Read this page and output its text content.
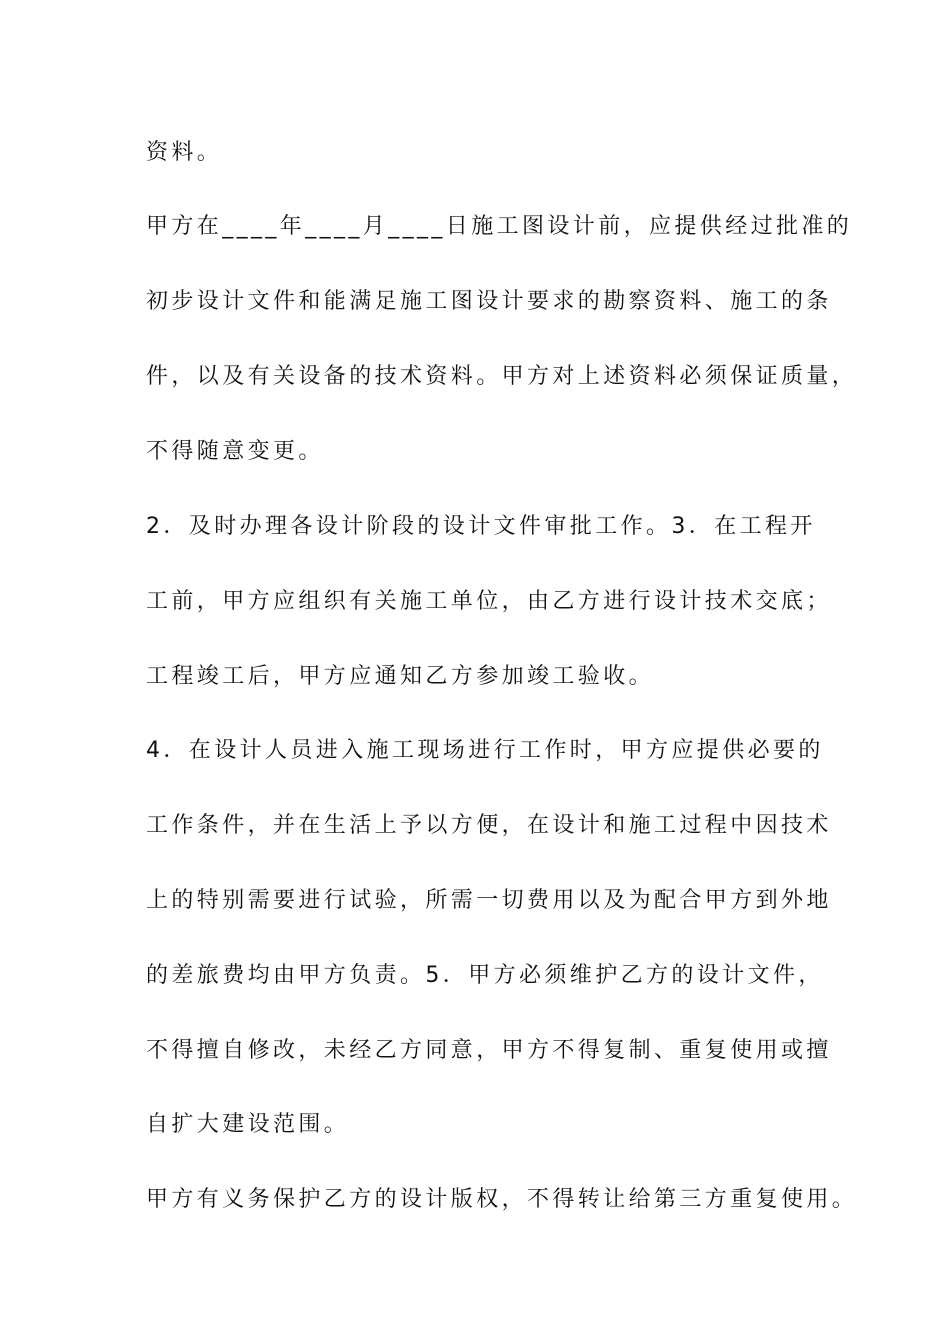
资料。
甲方在____年____月____日施工图设计前，应提供经过批准的
初步设计文件和能满足施工图设计要求的勘察资料、施工的条
件，以及有关设备的技术资料。甲方对上述资料必须保证质量，
不得随意变更。
2．及时办理各设计阶段的设计文件审批工作。3．在工程开
工前，甲方应组织有关施工单位，由乙方进行设计技术交底；
工程竣工后，甲方应通知乙方参加竣工验收。
4．在设计人员进入施工现场进行工作时，甲方应提供必要的
工作条件，并在生活上予以方便，在设计和施工过程中因技术
上的特别需要进行试验，所需一切费用以及为配合甲方到外地
的差旅费均由甲方负责。5．甲方必须维护乙方的设计文件，
不得擅自修改，未经乙方同意，甲方不得复制、重复使用或擅
自扩大建设范围。
甲方有义务保护乙方的设计版权，不得转让给第三方重复使用。
